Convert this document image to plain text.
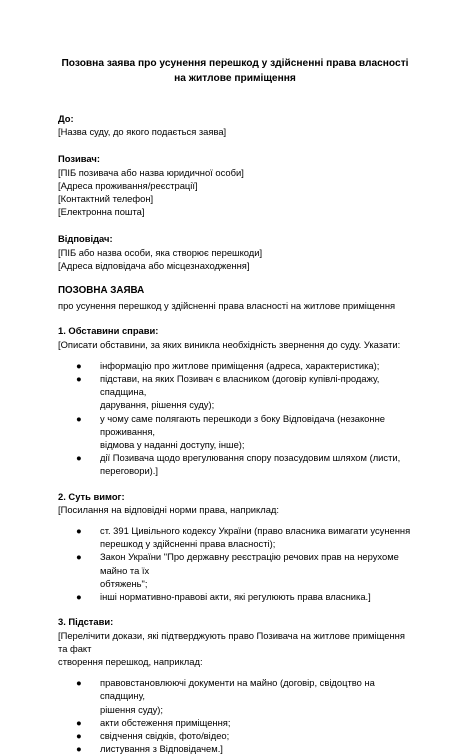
Позовна заява про усунення перешкод у здійсненні права власності на житлове приміщення

До:

[Назва суду, до якого подається заява]

Позивач:

[ПІБ позивача або назва юридичної особи]

[Адреса проживання/реєстрації]

[Контактний телефон]

[Електронна пошта]

Відповідач:

[ПІБ або назва особи, яка створює перешкоди]

[Адреса відповідача або місцезнаходження]

ПОЗОВНА ЗАЯВА

про усунення перешкод у здійсненні права власності на житлове приміщення

1. Обставини справи:

[Описати обставини, за яких виникла необхідність звернення до суду. Указати:

● інформацію про житлове приміщення (адреса, характеристика);
● підстави, на яких Позивач є власником (договір купівлі-продажу, спадщина,
дарування, рішення суду);
● у чому саме полягають перешкоди з боку Відповідача (незаконне проживання,
відмова у наданні доступу, інше);
● дії Позивача щодо врегулювання спору позасудовим шляхом (листи,
переговори).]

2. Суть вимог:

[Посилання на відповідні норми права, наприклад:

● ст. 391 Цивільного кодексу України (право власника вимагати усунення
перешкод у здійсненні права власності);
● Закон України "Про державну реєстрацію речових прав на нерухоме майно та їх
обтяжень";
● інші нормативно-правові акти, які регулюють права власника.]

3. Підстави:

[Перелічити докази, які підтверджують право Позивача на житлове приміщення та факт

створення перешкод, наприклад:

● правовстановлюючі документи на майно (договір, свідоцтво на спадщину,
рішення суду);
● акти обстеження приміщення;
● свідчення свідків, фото/відео;
● листування з Відповідачем.]
